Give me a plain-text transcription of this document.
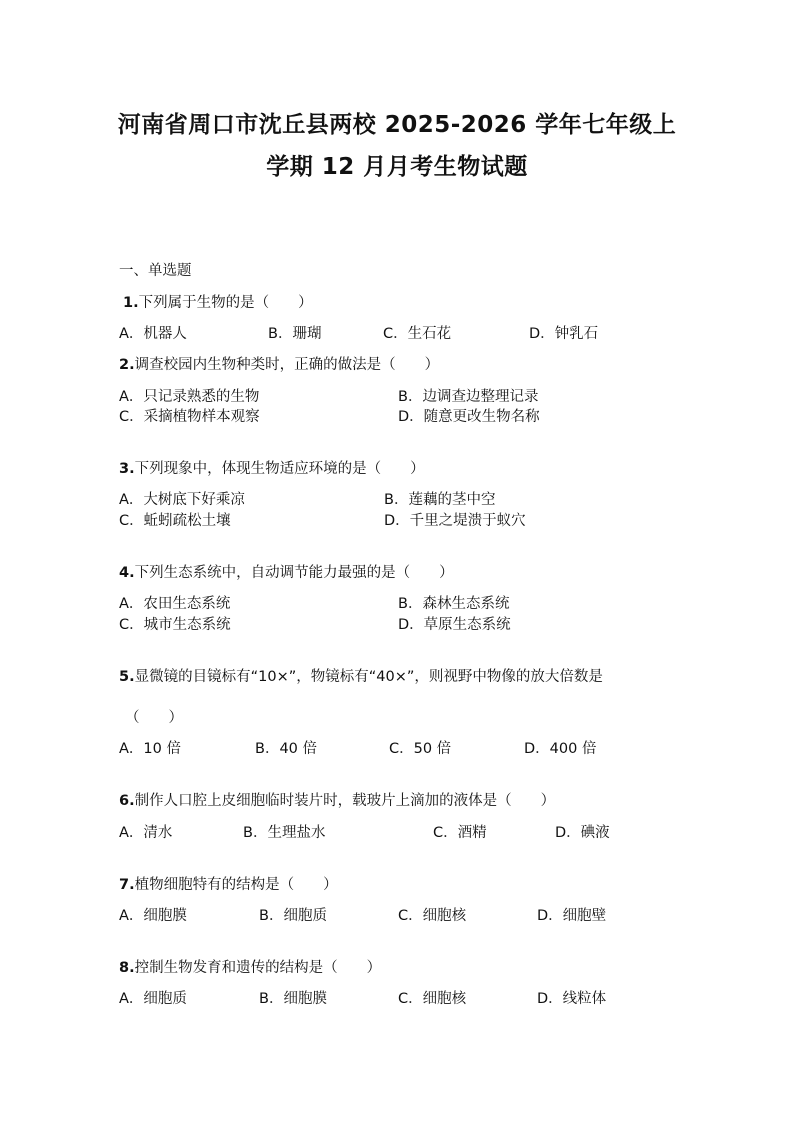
河南省周口市沈丘县两校 2025-2026 学年七年级上
学期 12 月月考生物试题
一、单选题
1.下列属于生物的是（　　）
A．机器人	B．珊瑚	C．生石花	D．钟乳石
2.调查校园内生物种类时，正确的做法是（　　）
A．只记录熟悉的生物	B．边调查边整理记录
C．采摘植物样本观察	D．随意更改生物名称
3.下列现象中，体现生物适应环境的是（　　）
A．大树底下好乘凉	B．莲藕的茎中空
C．蚯蚓疏松土壤	D．千里之堤溃于蚁穴
4.下列生态系统中，自动调节能力最强的是（　　）
A．农田生态系统	B．森林生态系统
C．城市生态系统	D．草原生态系统
5.显微镜的目镜标有“10×”，物镜标有“40×”，则视野中物像的放大倍数是
（　　）
A．10 倍	B．40 倍	C．50 倍	D．400 倍
6.制作人口腔上皮细胞临时装片时，载玻片上滴加的液体是（　　）
A．清水	B．生理盐水	C．酒精	D．碘液
7.植物细胞特有的结构是（　　）
A．细胞膜	B．细胞质	C．细胞核	D．细胞壁
8.控制生物发育和遗传的结构是（　　）
A．细胞质	B．细胞膜	C．细胞核	D．线粒体
